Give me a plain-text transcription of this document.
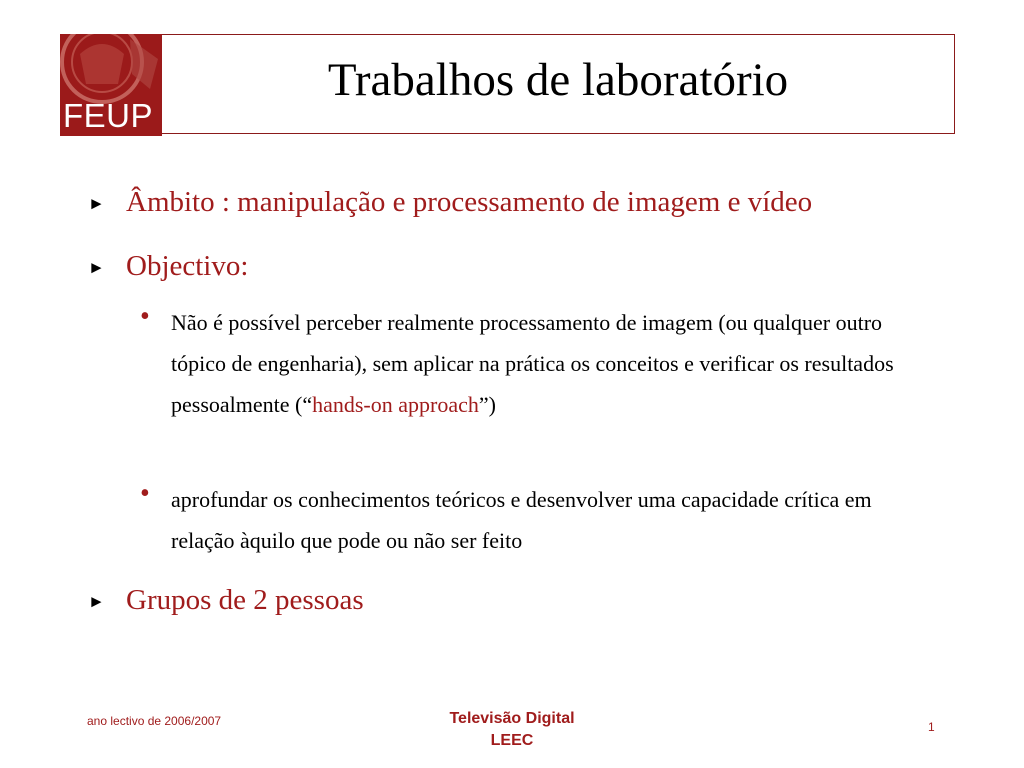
FEUP
Trabalhos de laboratório
► Âmbito : manipulação e processamento de imagem e vídeo
► Objectivo:
• Não é possível perceber realmente processamento de imagem (ou qualquer outro tópico de engenharia), sem aplicar na prática os conceitos e verificar os resultados pessoalmente (“hands-on approach”)
• aprofundar os conhecimentos teóricos e desenvolver uma capacidade crítica em relação àquilo que pode ou não ser feito
► Grupos de 2 pessoas
ano lectivo de 2006/2007	Televisão Digital
LEEC
1
